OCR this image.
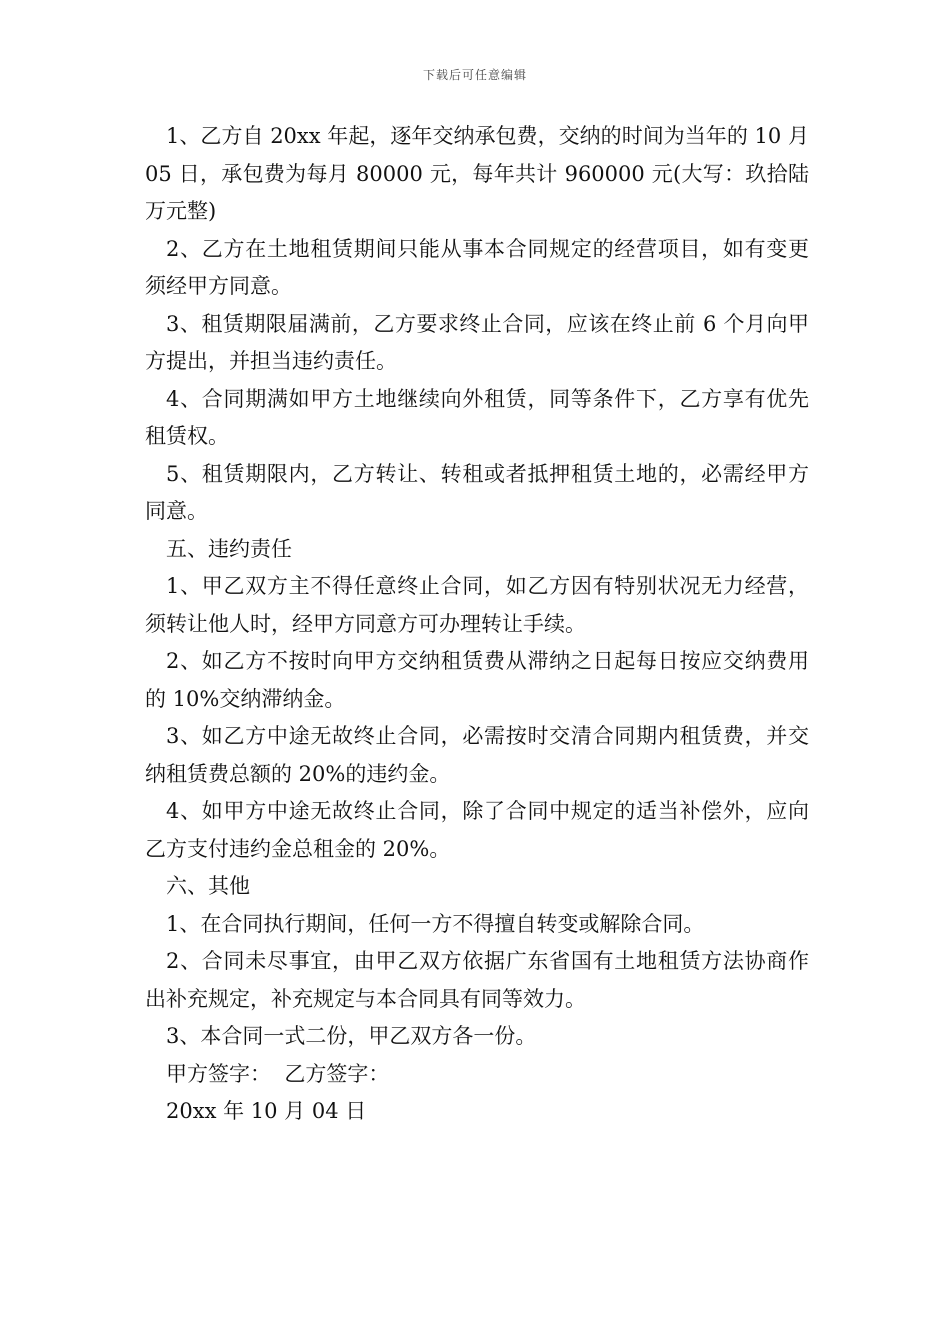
下载后可任意编辑

1、乙方自 20xx 年起，逐年交纳承包费，交纳的时间为当年的 10 月 05 日，承包费为每月 80000 元，每年共计 960000 元(大写：玖拾陆万元整)

2、乙方在土地租赁期间只能从事本合同规定的经营项目，如有变更须经甲方同意。

3、租赁期限届满前，乙方要求终止合同，应该在终止前 6 个月向甲方提出，并担当违约责任。

4、合同期满如甲方土地继续向外租赁，同等条件下，乙方享有优先租赁权。

5、租赁期限内，乙方转让、转租或者抵押租赁土地的，必需经甲方同意。

五、违约责任

1、甲乙双方主不得任意终止合同，如乙方因有特别状况无力经营，须转让他人时，经甲方同意方可办理转让手续。

2、如乙方不按时向甲方交纳租赁费从滞纳之日起每日按应交纳费用的 10%交纳滞纳金。

3、如乙方中途无故终止合同，必需按时交清合同期内租赁费，并交纳租赁费总额的 20%的违约金。

4、如甲方中途无故终止合同，除了合同中规定的适当补偿外，应向乙方支付违约金总租金的 20%。

六、其他

1、在合同执行期间，任何一方不得擅自转变或解除合同。

2、合同未尽事宜，由甲乙双方依据广东省国有土地租赁方法协商作出补充规定，补充规定与本合同具有同等效力。

3、本合同一式二份，甲乙双方各一份。

甲方签字：  乙方签字：

20xx 年 10 月 04 日
